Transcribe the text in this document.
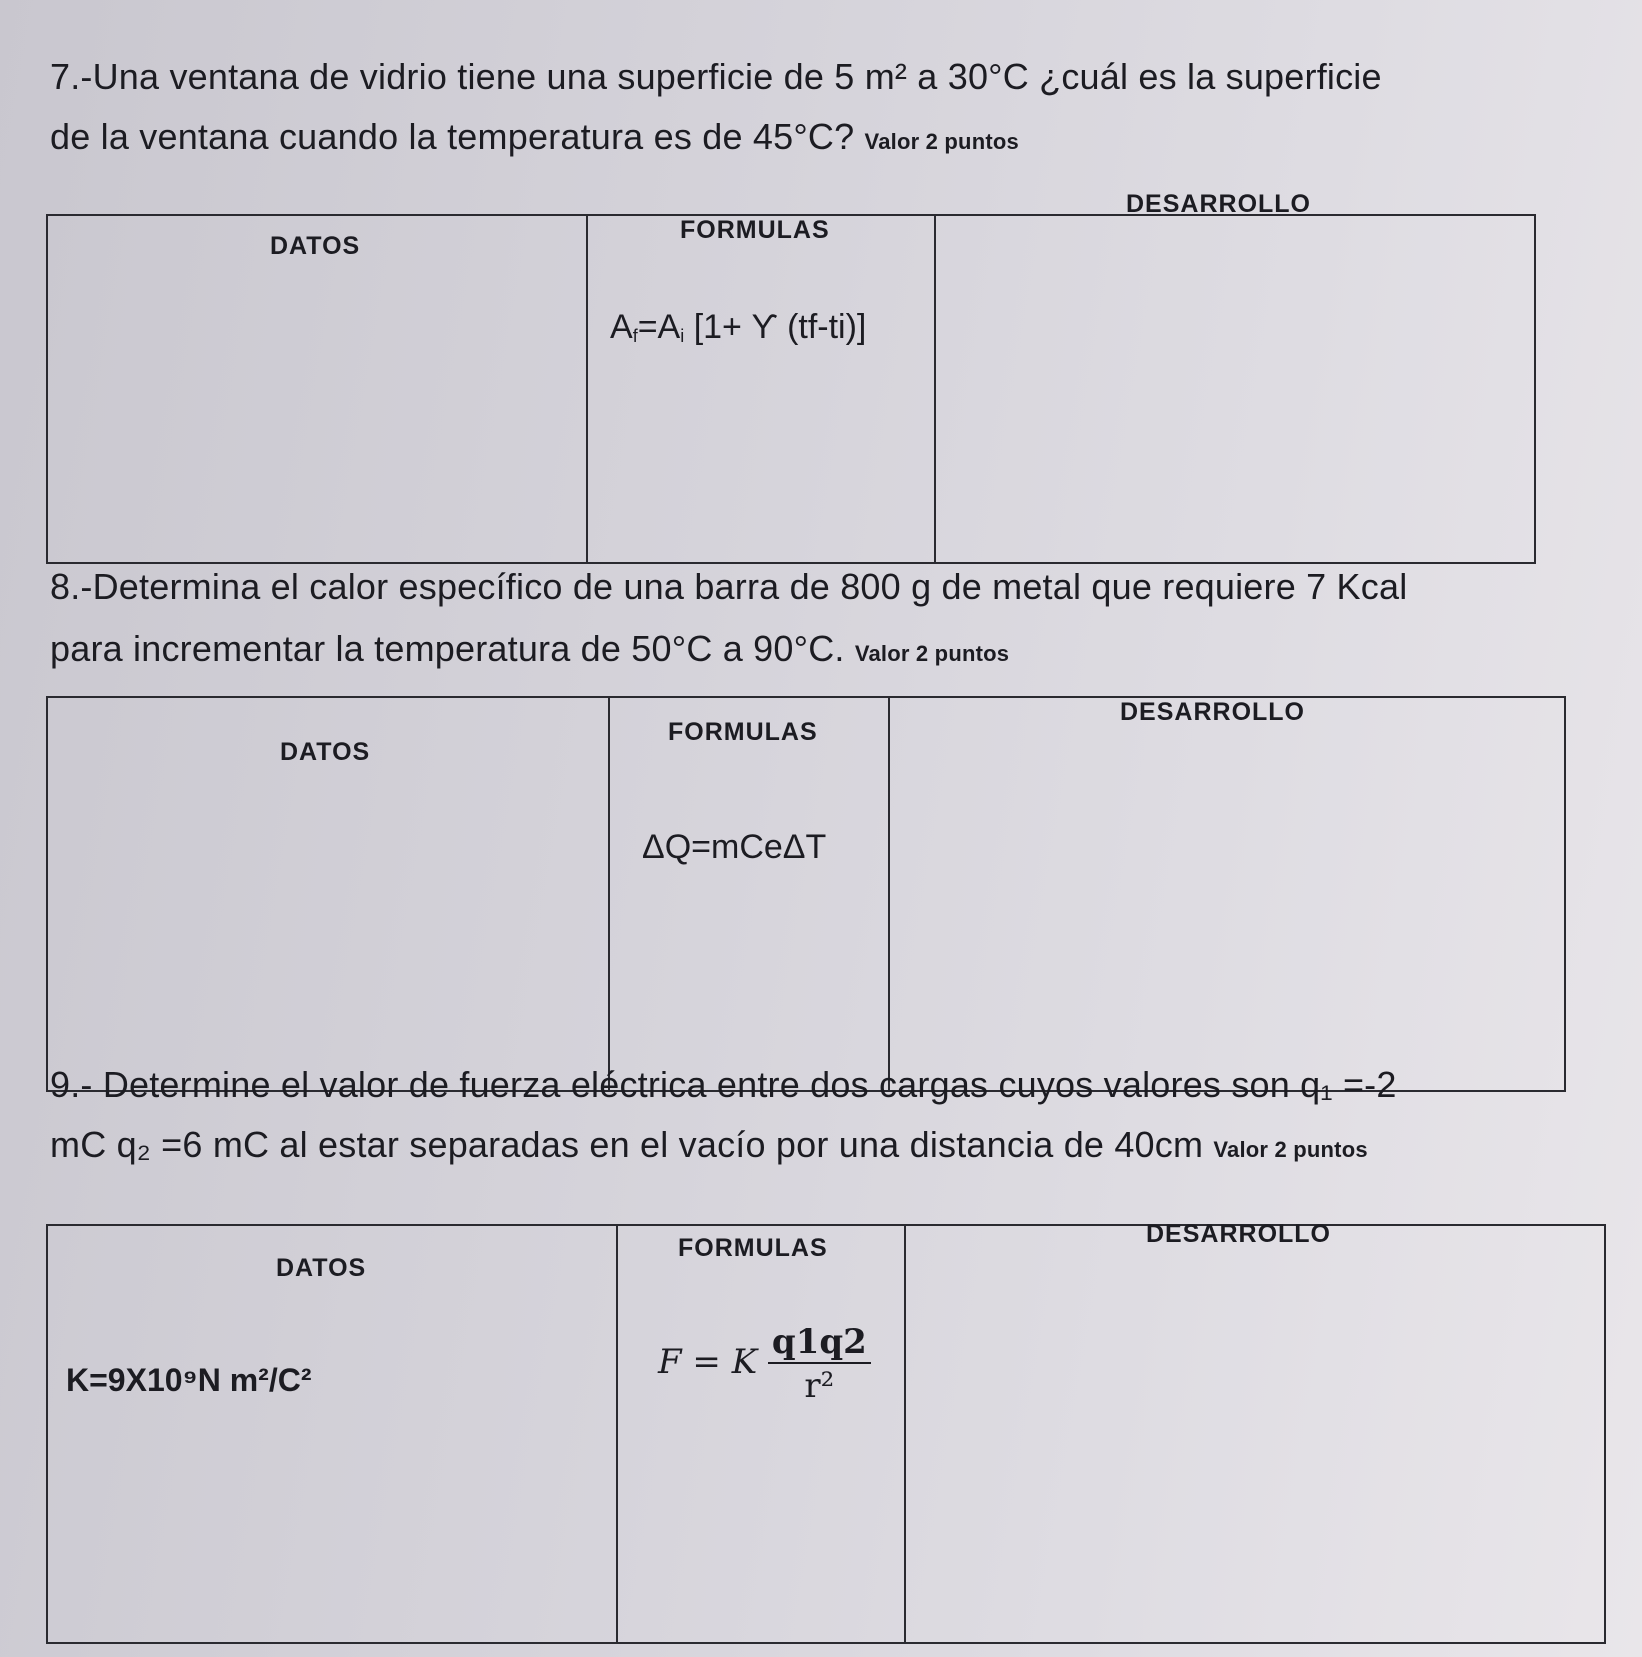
7.-Una ventana de vidrio tiene una superficie de 5 m² a 30°C ¿cuál es la superficie
de la ventana cuando la temperatura es de 45°C? Valor 2 puntos
DATOS
FORMULAS
$A_f=A_i$ [1+ ϒ (tf-ti)]
DESARROLLO
8.-Determina el calor específico de una barra de 800 g de metal que requiere 7 Kcal
para incrementar la temperatura de 50°C a 90°C. Valor 2 puntos
DATOS
FORMULAS
ΔQ=mCeΔT
DESARROLLO
9.- Determine el valor de fuerza eléctrica entre dos cargas cuyos valores son q₁ =-2
mC q₂ =6 mC al estar separadas en el vacío por una distancia de 40cm Valor 2 puntos
DATOS
K=9X10⁹N m²/C²
FORMULAS
F = K $\frac{q1q2}{\text{r²}}$
DESARROLLO
